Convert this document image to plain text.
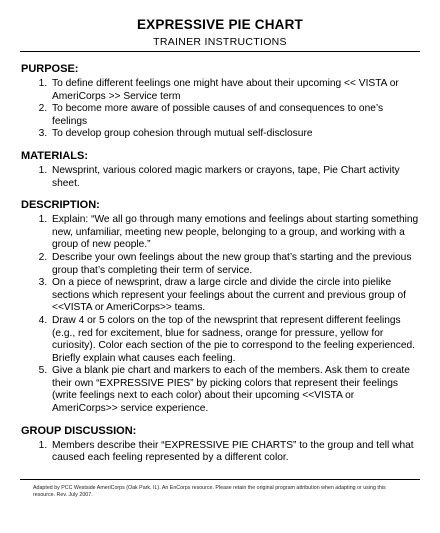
EXPRESSIVE PIE CHART
TRAINER INSTRUCTIONS
PURPOSE:
1. To define different feelings one might have about their upcoming << VISTA or AmeriCorps >> Service term
2. To become more aware of possible causes of and consequences to one’s feelings
3. To develop group cohesion through mutual self-disclosure
MATERIALS:
1. Newsprint, various colored magic markers or crayons, tape, Pie Chart activity sheet.
DESCRIPTION:
1. Explain: “We all go through many emotions and feelings about starting something new, unfamiliar, meeting new people, belonging to a group, and working with a group of new people.”
2. Describe your own feelings about the new group that’s starting and the previous group that’s completing their term of service.
3. On a piece of newsprint, draw a large circle and divide the circle into pielike sections which represent your feelings about the current and previous group of <<VISTA or AmeriCorps>> teams.
4. Draw 4 or 5 colors on the top of the newsprint that represent different feelings (e.g., red for excitement, blue for sadness, orange for pressure, yellow for curiosity). Color each section of the pie to correspond to the feeling experienced. Briefly explain what causes each feeling.
5. Give a blank pie chart and markers to each of the members. Ask them to create their own “EXPRESSIVE PIES” by picking colors that represent their feelings (write feelings next to each color) about their upcoming <<VISTA or AmeriCorps>> service experience.
GROUP DISCUSSION:
1. Members describe their “EXPRESSIVE PIE CHARTS” to the group and tell what caused each feeling represented by a different color.
Adapted by PCC Westside AmeriCorps (Oak Park, IL). An EnCorps resource. Please retain the original program attribution when adapting or using this resource. Rev. July 2007.
